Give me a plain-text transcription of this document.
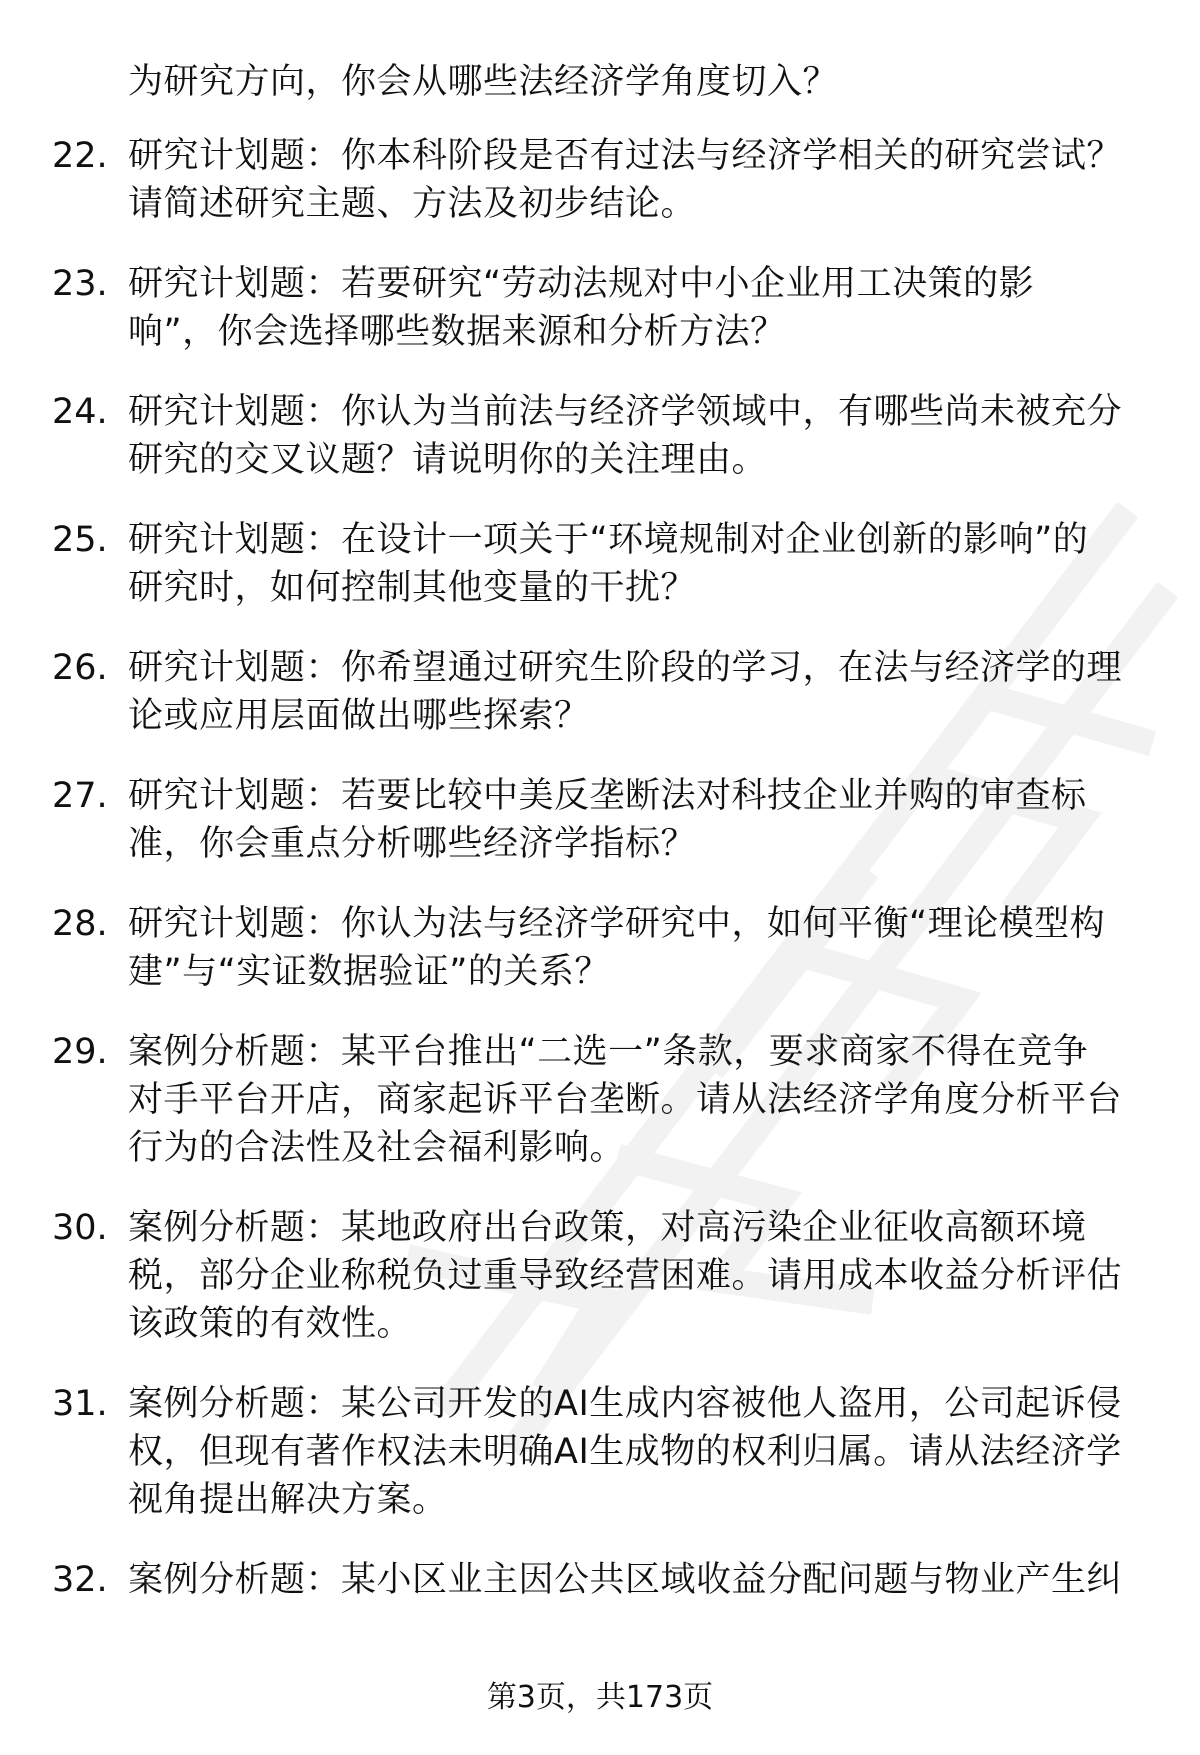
为研究方向，你会从哪些法经济学角度切入？
22. 研究计划题：你本科阶段是否有过法与经济学相关的研究尝试？
请简述研究主题、方法及初步结论。
23. 研究计划题：若要研究“劳动法规对中小企业用工决策的影
响”，你会选择哪些数据来源和分析方法？
24. 研究计划题：你认为当前法与经济学领域中，有哪些尚未被充分
研究的交叉议题？请说明你的关注理由。
25. 研究计划题：在设计一项关于“环境规制对企业创新的影响”的
研究时，如何控制其他变量的干扰？
26. 研究计划题：你希望通过研究生阶段的学习，在法与经济学的理
论或应用层面做出哪些探索？
27. 研究计划题：若要比较中美反垄断法对科技企业并购的审查标
准，你会重点分析哪些经济学指标？
28. 研究计划题：你认为法与经济学研究中，如何平衡“理论模型构
建”与“实证数据验证”的关系？
29. 案例分析题：某平台推出“二选一”条款，要求商家不得在竞争
对手平台开店，商家起诉平台垄断。请从法经济学角度分析平台
行为的合法性及社会福利影响。
30. 案例分析题：某地政府出台政策，对高污染企业征收高额环境
税，部分企业称税负过重导致经营困难。请用成本收益分析评估
该政策的有效性。
31. 案例分析题：某公司开发的AI生成内容被他人盗用，公司起诉侵
权，但现有著作权法未明确AI生成物的权利归属。请从法经济学
视角提出解决方案。
32. 案例分析题：某小区业主因公共区域收益分配问题与物业产生纠
第3页，共173页
